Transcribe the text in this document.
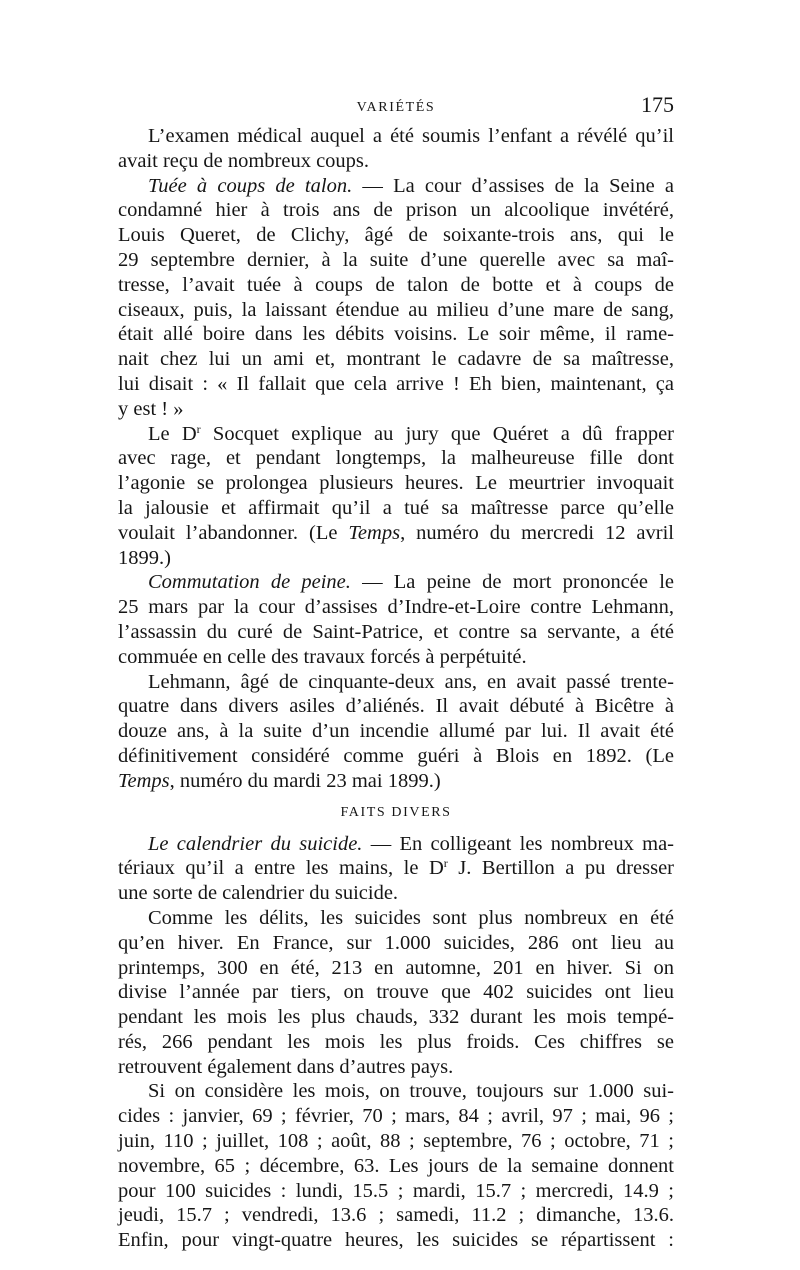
VARIÉTÉS	175
L’examen médical auquel a été soumis l’enfant a révélé qu’il
avait reçu de nombreux coups.
Tuée à coups de talon. — La cour d’assises de la Seine a
condamné hier à trois ans de prison un alcoolique invétéré,
Louis Queret, de Clichy, âgé de soixante-trois ans, qui le
29 septembre dernier, à la suite d’une querelle avec sa maî-
tresse, l’avait tuée à coups de talon de botte et à coups de
ciseaux, puis, la laissant étendue au milieu d’une mare de sang,
était allé boire dans les débits voisins. Le soir même, il rame-
nait chez lui un ami et, montrant le cadavre de sa maîtresse,
lui disait : « Il fallait que cela arrive ! Eh bien, maintenant, ça
y est ! »
Le $D^r$ Socquet explique au jury que Quéret a dû frapper
avec rage, et pendant longtemps, la malheureuse fille dont
l’agonie se prolongea plusieurs heures. Le meurtrier invoquait
la jalousie et affirmait qu’il a tué sa maîtresse parce qu’elle
voulait l’abandonner. (Le Temps, numéro du mercredi 12 avril
1899.)
Commutation de peine. — La peine de mort prononcée le
25 mars par la cour d’assises d’Indre-et-Loire contre Lehmann,
l’assassin du curé de Saint-Patrice, et contre sa servante, a été
commuée en celle des travaux forcés à perpétuité.
Lehmann, âgé de cinquante-deux ans, en avait passé trente-
quatre dans divers asiles d’aliénés. Il avait débuté à Bicêtre à
douze ans, à la suite d’un incendie allumé par lui. Il avait été
définitivement considéré comme guéri à Blois en 1892. (Le
Temps, numéro du mardi 23 mai 1899.)
FAITS DIVERS
Le calendrier du suicide. — En colligeant les nombreux ma-
tériaux qu’il a entre les mains, le $D^r$ J. Bertillon a pu dresser
une sorte de calendrier du suicide.
Comme les délits, les suicides sont plus nombreux en été
qu’en hiver. En France, sur 1.000 suicides, 286 ont lieu au
printemps, 300 en été, 213 en automne, 201 en hiver. Si on
divise l’année par tiers, on trouve que 402 suicides ont lieu
pendant les mois les plus chauds, 332 durant les mois tempé-
rés, 266 pendant les mois les plus froids. Ces chiffres se
retrouvent également dans d’autres pays.
Si on considère les mois, on trouve, toujours sur 1.000 sui-
cides : janvier, 69 ; février, 70 ; mars, 84 ; avril, 97 ; mai, 96 ;
juin, 110 ; juillet, 108 ; août, 88 ; septembre, 76 ; octobre, 71 ;
novembre, 65 ; décembre, 63. Les jours de la semaine donnent
pour 100 suicides : lundi, 15.5 ; mardi, 15.7 ; mercredi, 14.9 ;
jeudi, 15.7 ; vendredi, 13.6 ; samedi, 11.2 ; dimanche, 13.6.
Enfin, pour vingt-quatre heures, les suicides se répartissent :
